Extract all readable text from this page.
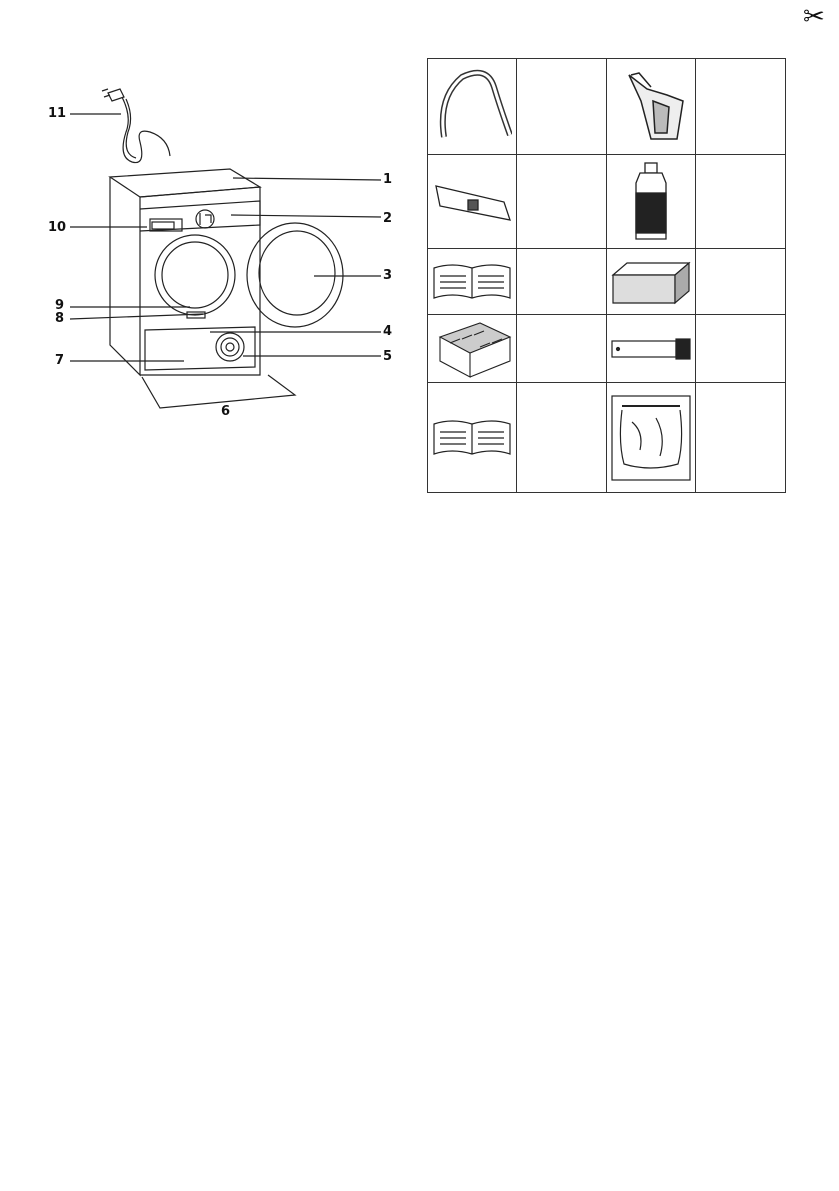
✂
1
2
3
4
5
6
7
8
9
10
11
